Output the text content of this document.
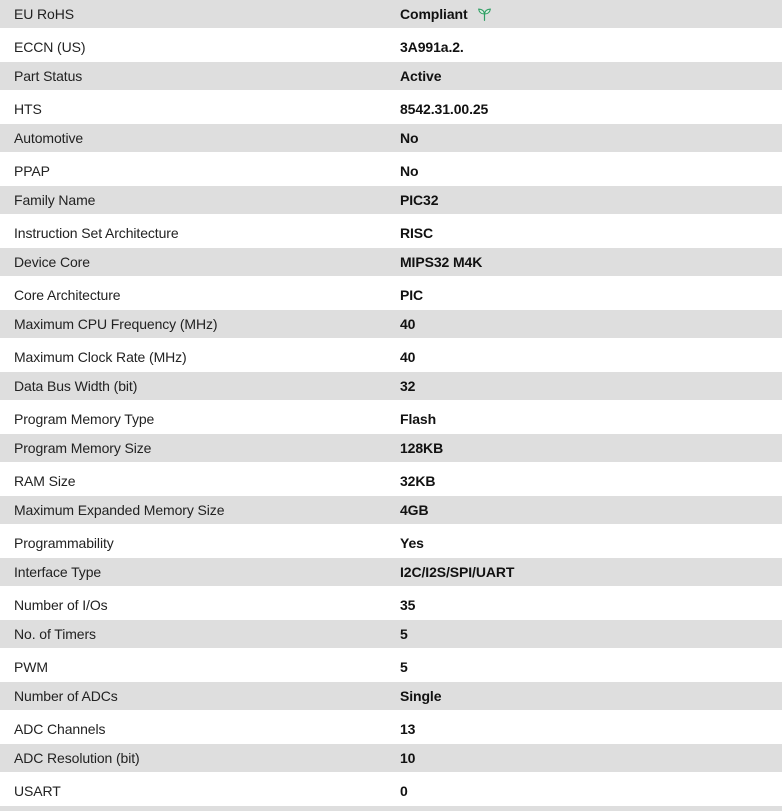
EU RoHS	Compliant
ECCN (US)	3A991a.2.
Part Status	Active
HTS	8542.31.00.25
Automotive	No
PPAP	No
Family Name	PIC32
Instruction Set Architecture	RISC
Device Core	MIPS32 M4K
Core Architecture	PIC
Maximum CPU Frequency (MHz)	40
Maximum Clock Rate (MHz)	40
Data Bus Width (bit)	32
Program Memory Type	Flash
Program Memory Size	128KB
RAM Size	32KB
Maximum Expanded Memory Size	4GB
Programmability	Yes
Interface Type	I2C/I2S/SPI/UART
Number of I/Os	35
No. of Timers	5
PWM	5
Number of ADCs	Single
ADC Channels	13
ADC Resolution (bit)	10
USART	0
